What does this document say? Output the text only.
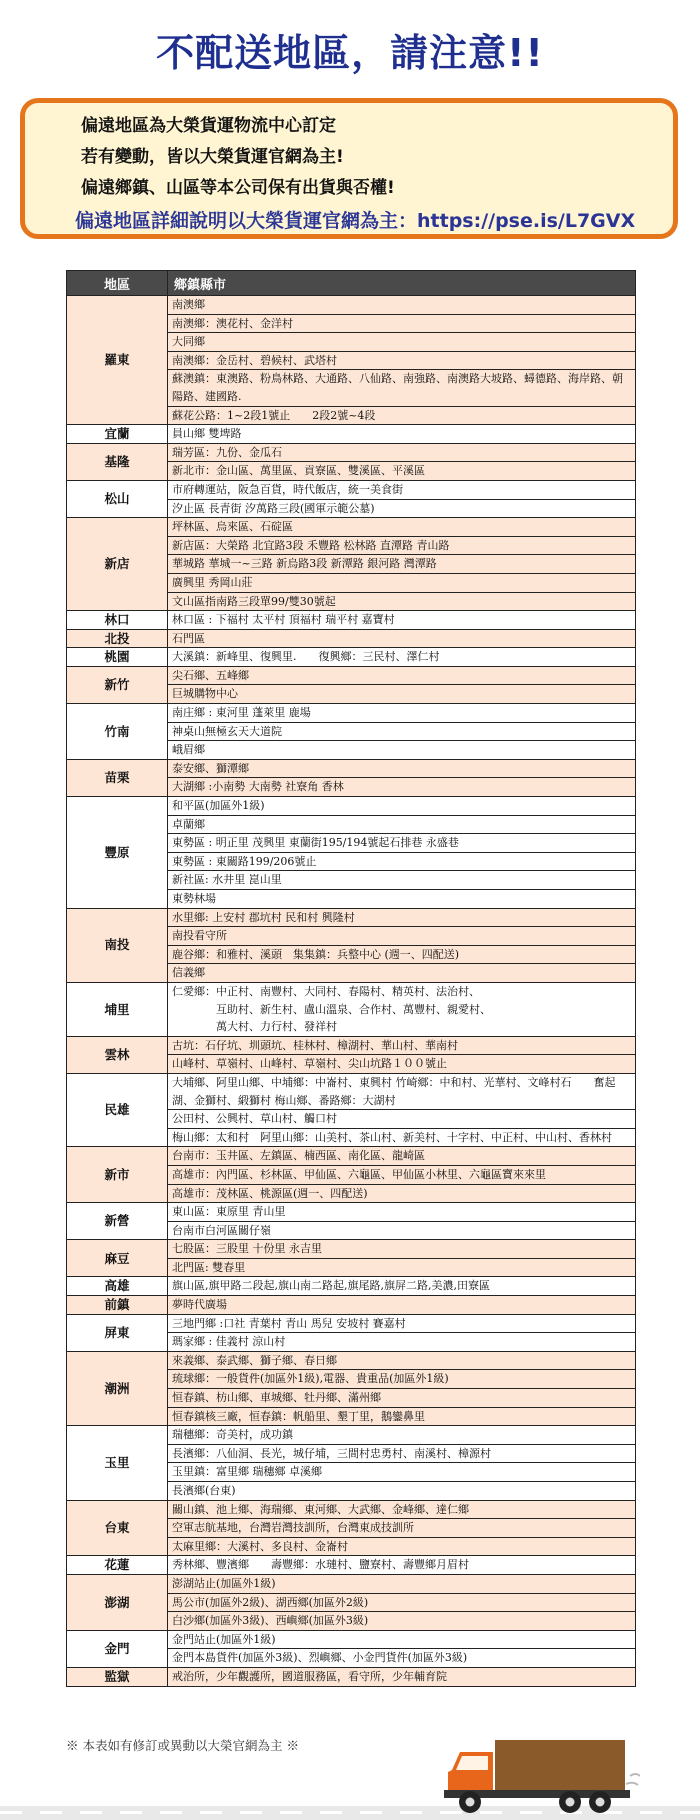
不配送地區，請注意!!
偏遠地區為大榮貨運物流中心訂定
若有變動，皆以大榮貨運官網為主!
偏遠鄉鎮、山區等本公司保有出貨與否權!
偏遠地區詳細說明以大榮貨運官網為主：https://pse.is/L7GVX
地區	鄉鎮縣市
羅東	南澳鄉
	南澳鄉：澳花村、金洋村
	大同鄉
	南澳鄉：金岳村、碧候村、武塔村
	蘇澳鎮：東澳路、粉鳥林路、大通路、八仙路、南強路、南澳路大坡路、蟳德路、海岸路、朝陽路、建國路.
	蘇花公路：1~2段1號止　　2段2號~4段
宜蘭	員山鄉 雙埤路
基隆	瑞芳區：九份、金瓜石
	新北市：金山區、萬里區、貢寮區、雙溪區、平溪區
松山	市府轉運站，阪急百貨，時代飯店，統一美食街
	汐止區 長青街 汐萬路三段(國軍示範公墓)
新店	坪林區、烏來區、石碇區
	新店區：大榮路 北宜路3段 禾豐路 松林路 直潭路 青山路
	華城路 華城一~三路 新烏路3段 新潭路 銀河路 灣潭路
	廣興里 秀岡山莊
	文山區指南路三段單99/雙30號起
林口	林口區 : 下福村 太平村 頂福村 瑞平村 嘉寶村
北投	石門區
桃園	大溪鎮：新峰里、復興里.　　復興鄉：三民村、澤仁村
新竹	尖石鄉、五峰鄉
	巨城購物中心
竹南	南庄鄉 : 東河里 蓬萊里 鹿場
	神桌山無極玄天大道院
	峨眉鄉
苗栗	泰安鄉、獅潭鄉
	大湖鄉 :小南勢 大南勢 社寮角 香林
豐原	和平區(加區外1級)
	卓蘭鄉
	東勢區 : 明正里 茂興里 東蘭街195/194號起石排巷 永盛巷
	東勢區 : 東關路199/206號止
	新社區: 水井里 崑山里
	東勢林場
南投	水里鄉: 上安村 郡坑村 民和村 興隆村
	南投看守所
	鹿谷鄉：和雅村、溪頭　集集鎮：兵整中心 (週一、四配送)
	信義鄉
埔里	仁愛鄉：中正村、南豐村、大同村、春陽村、精英村、法治村、
　　　　互助村、新生村、盧山溫泉、合作村、萬豐村、親愛村、
　　　　萬大村、力行村、發祥村
雲林	古坑：石仔坑、圳頭坑、桂林村、樟湖村、華山村、華南村
	山峰村、草嶺村、山峰村、草嶺村、尖山坑路１００號止
民雄	大埔鄉、阿里山鄉、中埔鄉：中崙村、東興村 竹崎鄉：中和村、光華村、文峰村石　　奮起湖、金獅村、緞獅村 梅山鄉、番路鄉：大湖村
	公田村、公興村、草山村、觸口村
	梅山鄉：太和村　阿里山鄉：山美村、茶山村、新美村、十字村、中正村、中山村、香林村
新市	台南市：玉井區、左鎮區、楠西區、南化區、龍崎區
	高雄市：內門區、杉林區、甲仙區、六龜區、甲仙區小林里、六龜區寶來來里
	高雄市：茂林區、桃源區(週一、四配送)
新營	東山區：東原里 青山里
	台南市白河區關仔嶺
麻豆	七股區：三股里 十份里 永吉里
	北門區: 雙春里
高雄	旗山區,旗甲路二段起,旗山南二路起,旗尾路,旗屏二路,美濃,田寮區
前鎮	夢時代廣場
屏東	三地門鄉 :口社 青葉村 青山 馬兒 安坡村 賽嘉村
	瑪家鄉 : 佳義村 涼山村
潮洲	來義鄉、泰武鄉、獅子鄉、春日鄉
	琉球鄉：一般貨件(加區外1級),電器、貴重品(加區外1級)
	恒春鎮、枋山鄉、車城鄉、牡丹鄉、滿州鄉
	恒春鎮核三廠，恒春鎮：帆船里、墾丁里，鵝鑾鼻里
玉里	瑞穗鄉：奇美村，成功鎮
	長濱鄉：八仙洞、長光，城仔埔，三間村忠勇村、南溪村、樟源村
	玉里鎮：富里鄉 瑞穗鄉 卓溪鄉
	長濱鄉(台東)
台東	關山鎮、池上鄉、海瑞鄉、東河鄉、大武鄉、金峰鄉、達仁鄉
	空軍志航基地，台灣岩灣技訓所，台灣東成技訓所
	太麻里鄉：大溪村、多良村、金崙村
花蓮	秀林鄉、豐濱鄉　　壽豐鄉：水璉村、鹽寮村、壽豐鄉月眉村
澎湖	澎湖站止(加區外1級)
	馬公市(加區外2級)、湖西鄉(加區外2級)
	白沙鄉(加區外3級)、西嶼鄉(加區外3級)
金門	金門站止(加區外1級)
	金門本島貨件(加區外3級)、烈嶼鄉、小金門貨件(加區外3級)
監獄	戒治所，少年觀護所，國道服務區，看守所，少年輔育院
※ 本表如有修訂或異動以大榮官網為主 ※
